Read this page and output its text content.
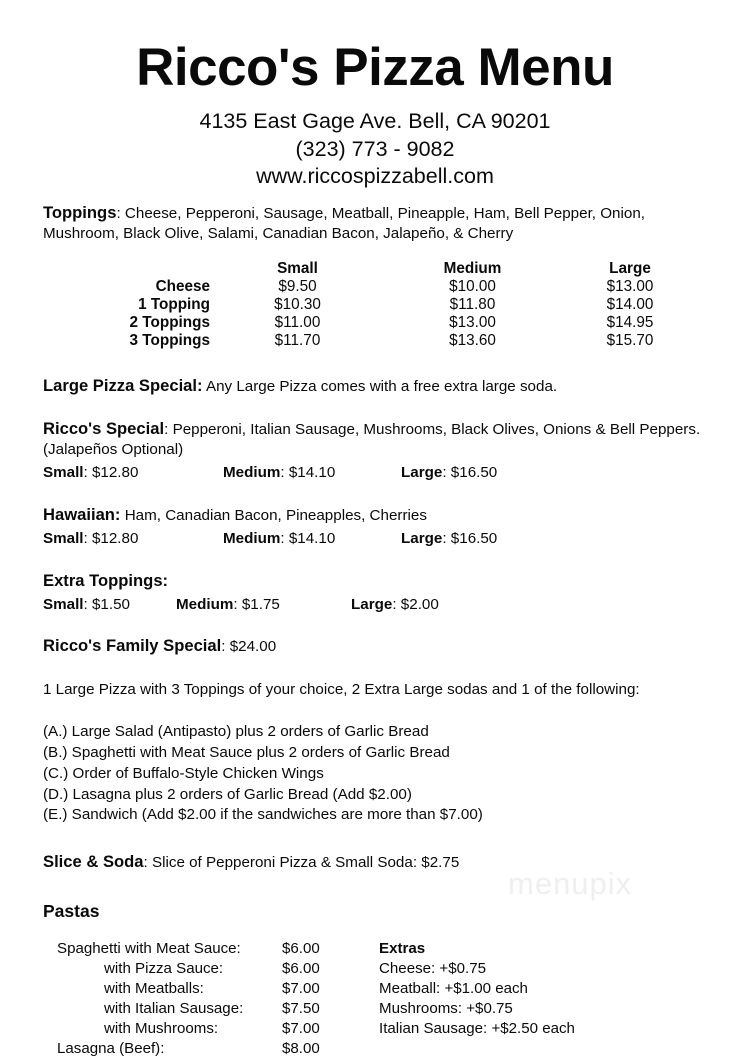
menupix
Ricco's Pizza Menu
4135 East Gage Ave. Bell, CA 90201
(323) 773 - 9082
www.riccospizzabell.com
Toppings: Cheese, Pepperoni, Sausage, Meatball, Pineapple, Ham, Bell Pepper, Onion,
Mushroom, Black Olive, Salami, Canadian Bacon, Jalapeño, & Cherry
	Small	Medium	Large
Cheese	$9.50	$10.00	$13.00
1 Topping	$10.30	$11.80	$14.00
2 Toppings	$11.00	$13.00	$14.95
3 Toppings	$11.70	$13.60	$15.70
Large Pizza Special: Any Large Pizza comes with a free extra large soda.
Ricco's Special: Pepperoni, Italian Sausage, Mushrooms, Black Olives, Onions & Bell Peppers.
(Jalapeños Optional)
Small: $12.80	Medium: $14.10	Large: $16.50
Hawaiian: Ham, Canadian Bacon, Pineapples, Cherries
Small: $12.80	Medium: $14.10	Large: $16.50
Extra Toppings:
Small: $1.50	Medium: $1.75	Large: $2.00
Ricco's Family Special: $24.00
1 Large Pizza with 3 Toppings of your choice, 2 Extra Large sodas and 1 of the following:
(A.) Large Salad (Antipasto) plus 2 orders of Garlic Bread
(B.) Spaghetti with Meat Sauce plus 2 orders of Garlic Bread
(C.) Order of Buffalo-Style Chicken Wings
(D.) Lasagna plus 2 orders of Garlic Bread (Add $2.00)
(E.) Sandwich (Add $2.00 if the sandwiches are more than $7.00)
Slice & Soda: Slice of Pepperoni Pizza & Small Soda: $2.75
Pastas
Spaghetti with Meat Sauce:	$6.00	Extras
with Pizza Sauce:	$6.00	Cheese: +$0.75
with Meatballs:	$7.00	Meatball: +$1.00 each
with Italian Sausage:	$7.50	Mushrooms: +$0.75
with Mushrooms:	$7.00	Italian Sausage: +$2.50 each
Lasagna (Beef):	$8.00	
